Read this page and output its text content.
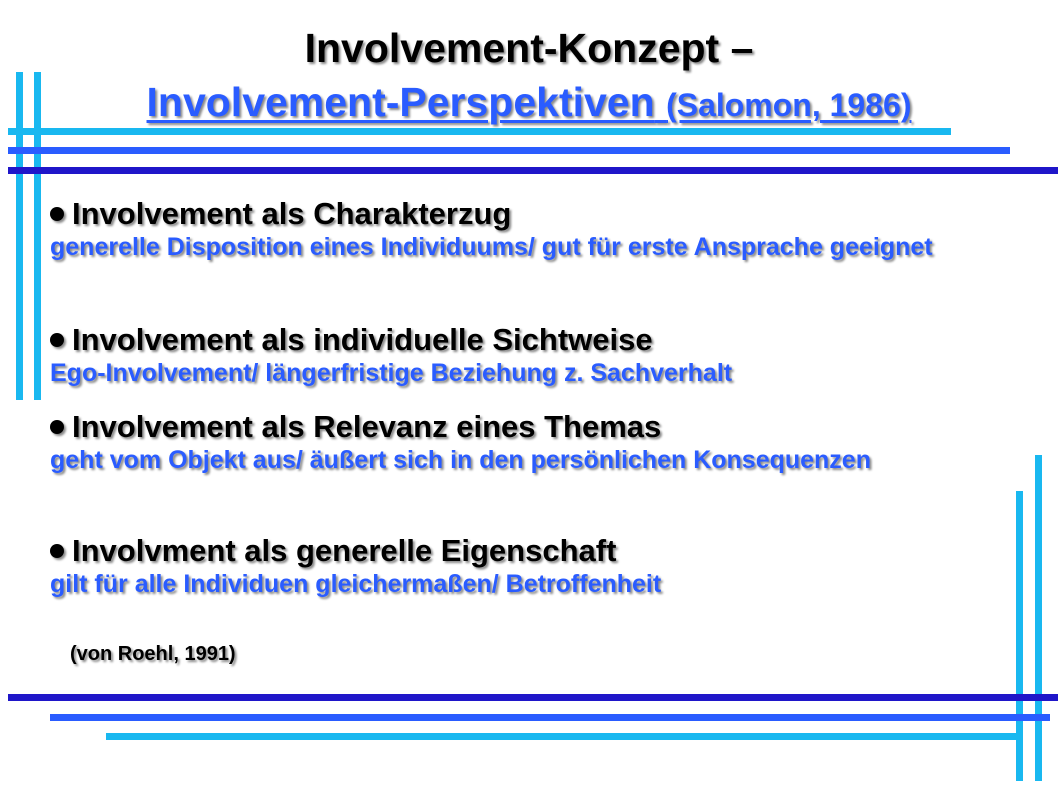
Involvement-Konzept –
Involvement-Perspektiven (Salomon, 1986)
Involvement als Charakterzug
generelle Disposition eines Individuums/ gut für erste Ansprache geeignet
Involvement als individuelle Sichtweise
Ego-Involvement/ längerfristige Beziehung z. Sachverhalt
Involvement als Relevanz eines Themas
geht vom Objekt aus/ äußert sich in den persönlichen Konsequenzen
Involvment als generelle Eigenschaft
gilt für alle Individuen gleichermaßen/ Betroffenheit
(von Roehl, 1991)
